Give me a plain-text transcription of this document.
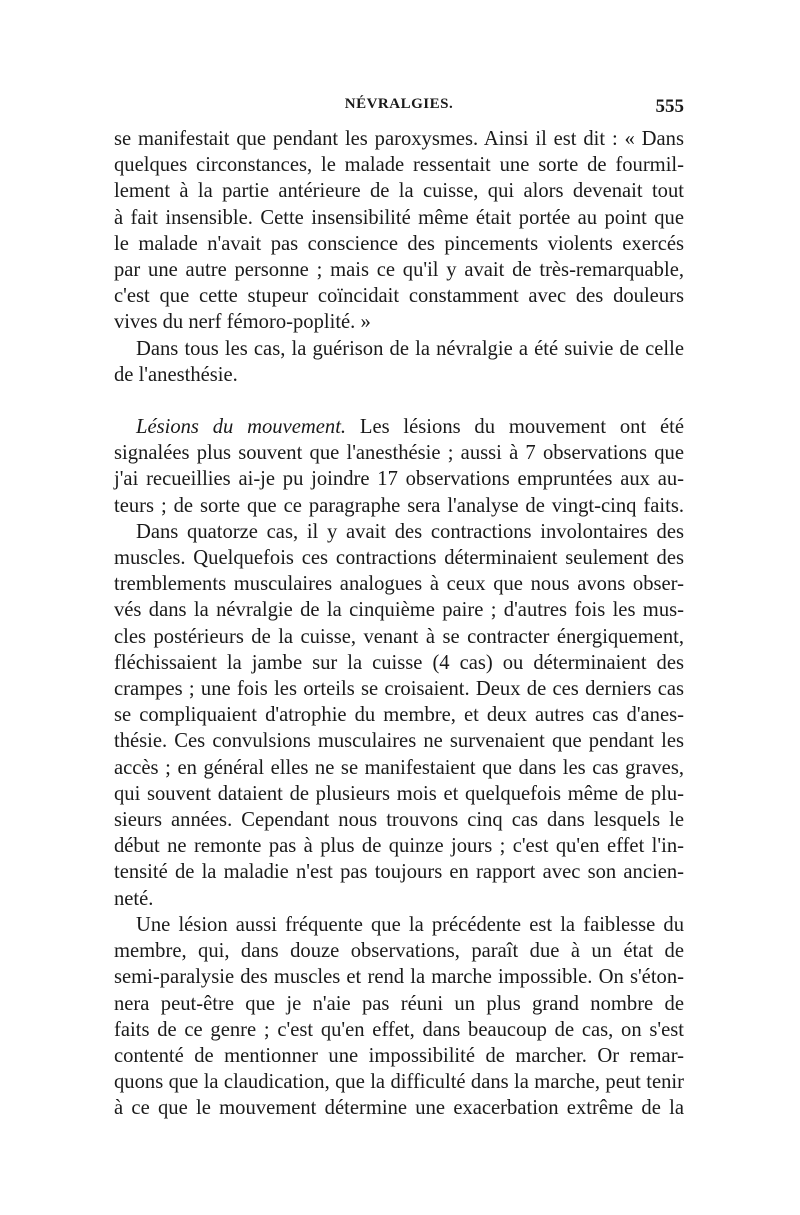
NÉVRALGIES.	555

se manifestait que pendant les paroxysmes. Ainsi il est dit : « Dans
quelques circonstances, le malade ressentait une sorte de fourmil-
lement à la partie antérieure de la cuisse, qui alors devenait tout
à fait insensible. Cette insensibilité même était portée au point que
le malade n'avait pas conscience des pincements violents exercés
par une autre personne ; mais ce qu'il y avait de très-remarquable,
c'est que cette stupeur coïncidait constamment avec des douleurs
vives du nerf fémoro-poplité. »

Dans tous les cas, la guérison de la névralgie a été suivie de celle
de l'anesthésie.

Lésions du mouvement. Les lésions du mouvement ont été
signalées plus souvent que l'anesthésie ; aussi à 7 observations que
j'ai recueillies ai-je pu joindre 17 observations empruntées aux au-
teurs ; de sorte que ce paragraphe sera l'analyse de vingt-cinq faits.

Dans quatorze cas, il y avait des contractions involontaires des
muscles. Quelquefois ces contractions déterminaient seulement des
tremblements musculaires analogues à ceux que nous avons obser-
vés dans la névralgie de la cinquième paire ; d'autres fois les mus-
cles postérieurs de la cuisse, venant à se contracter énergiquement,
fléchissaient la jambe sur la cuisse (4 cas) ou déterminaient des
crampes ; une fois les orteils se croisaient. Deux de ces derniers cas
se compliquaient d'atrophie du membre, et deux autres cas d'anes-
thésie. Ces convulsions musculaires ne survenaient que pendant les
accès ; en général elles ne se manifestaient que dans les cas graves,
qui souvent dataient de plusieurs mois et quelquefois même de plu-
sieurs années. Cependant nous trouvons cinq cas dans lesquels le
début ne remonte pas à plus de quinze jours ; c'est qu'en effet l'in-
tensité de la maladie n'est pas toujours en rapport avec son ancien-
neté.

Une lésion aussi fréquente que la précédente est la faiblesse du
membre, qui, dans douze observations, paraît due à un état de
semi-paralysie des muscles et rend la marche impossible. On s'éton-
nera peut-être que je n'aie pas réuni un plus grand nombre de
faits de ce genre ; c'est qu'en effet, dans beaucoup de cas, on s'est
contenté de mentionner une impossibilité de marcher. Or remar-
quons que la claudication, que la difficulté dans la marche, peut tenir
à ce que le mouvement détermine une exacerbation extrême de la
